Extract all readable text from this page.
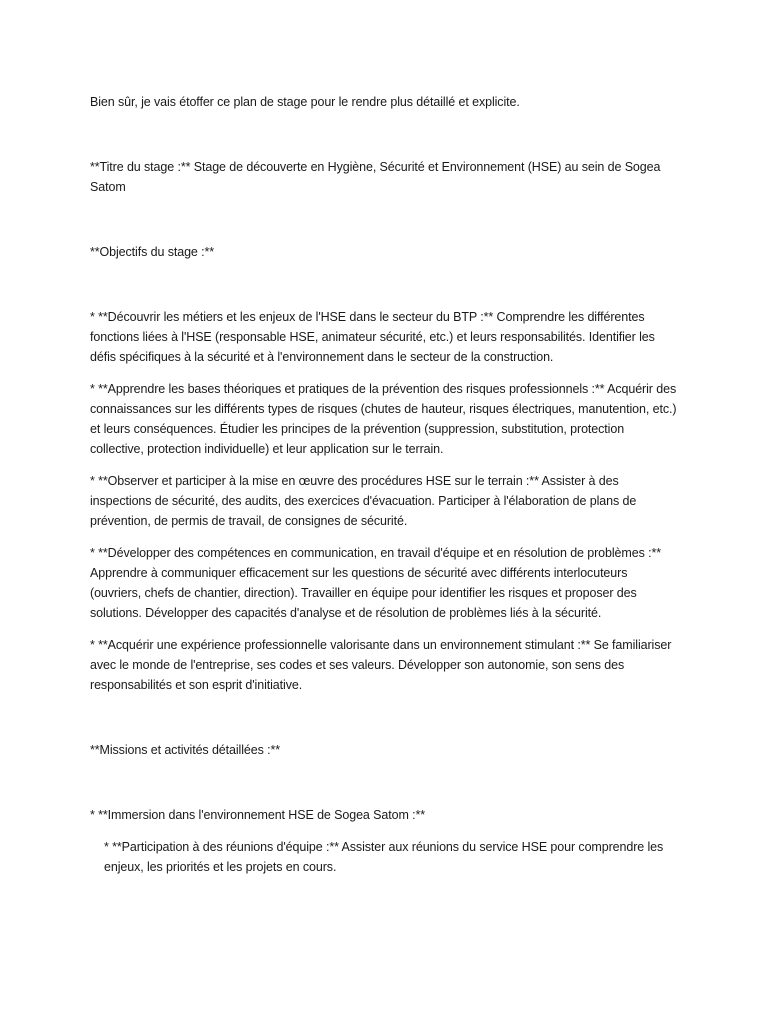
Bien sûr, je vais étoffer ce plan de stage pour le rendre plus détaillé et explicite.

**Titre du stage :** Stage de découverte en Hygiène, Sécurité et Environnement (HSE) au sein de Sogea Satom

**Objectifs du stage :**

* **Découvrir les métiers et les enjeux de l'HSE dans le secteur du BTP :** Comprendre les différentes fonctions liées à l'HSE (responsable HSE, animateur sécurité, etc.) et leurs responsabilités. Identifier les défis spécifiques à la sécurité et à l'environnement dans le secteur de la construction.

* **Apprendre les bases théoriques et pratiques de la prévention des risques professionnels :** Acquérir des connaissances sur les différents types de risques (chutes de hauteur, risques électriques, manutention, etc.) et leurs conséquences. Étudier les principes de la prévention (suppression, substitution, protection collective, protection individuelle) et leur application sur le terrain.

* **Observer et participer à la mise en œuvre des procédures HSE sur le terrain :** Assister à des inspections de sécurité, des audits, des exercices d'évacuation. Participer à l'élaboration de plans de prévention, de permis de travail, de consignes de sécurité.

* **Développer des compétences en communication, en travail d'équipe et en résolution de problèmes :** Apprendre à communiquer efficacement sur les questions de sécurité avec différents interlocuteurs (ouvriers, chefs de chantier, direction). Travailler en équipe pour identifier les risques et proposer des solutions. Développer des capacités d'analyse et de résolution de problèmes liés à la sécurité.

* **Acquérir une expérience professionnelle valorisante dans un environnement stimulant :** Se familiariser avec le monde de l'entreprise, ses codes et ses valeurs. Développer son autonomie, son sens des responsabilités et son esprit d'initiative.

**Missions et activités détaillées :**

* **Immersion dans l'environnement HSE de Sogea Satom :**

* **Participation à des réunions d'équipe :** Assister aux réunions du service HSE pour comprendre les enjeux, les priorités et les projets en cours.
